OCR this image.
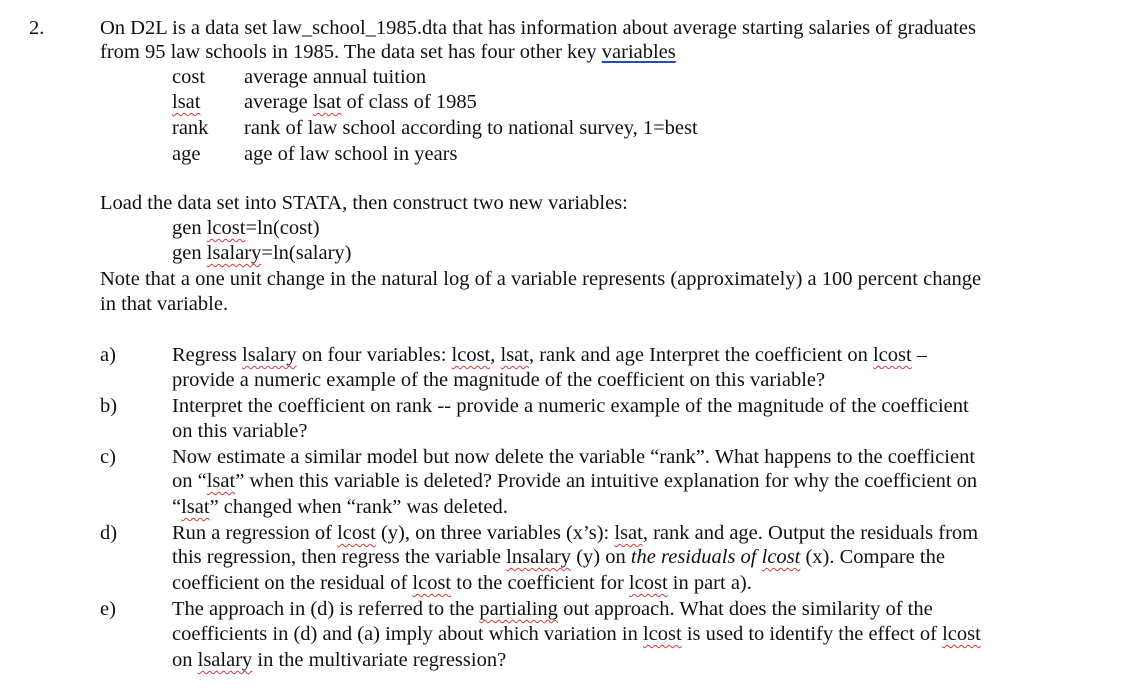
2.	On D2L is a data set law_school_1985.dta that has information about average starting salaries of graduates
from 95 law schools in 1985. The data set has four other key variables
cost average annual tuition
lsat average lsat of class of 1985
rank rank of law school according to national survey, 1=best
age age of law school in years
Load the data set into STATA, then construct two new variables:
gen lcost=ln(cost)
gen lsalary=ln(salary)
Note that a one unit change in the natural log of a variable represents (approximately) a 100 percent change
in that variable.
a)	Regress lsalary on four variables: lcost, lsat, rank and age Interpret the coefficient on lcost –
provide a numeric example of the magnitude of the coefficient on this variable?
b)	Interpret the coefficient on rank -- provide a numeric example of the magnitude of the coefficient
on this variable?
c)	Now estimate a similar model but now delete the variable “rank”. What happens to the coefficient
on “lsat” when this variable is deleted? Provide an intuitive explanation for why the coefficient on
“lsat” changed when “rank” was deleted.
d)	Run a regression of lcost (y), on three variables (x’s): lsat, rank and age. Output the residuals from
this regression, then regress the variable lnsalary (y) on the residuals of lcost (x). Compare the
coefficient on the residual of lcost to the coefficient for lcost in part a).
e)	The approach in (d) is referred to the partialing out approach. What does the similarity of the
coefficients in (d) and (a) imply about which variation in lcost is used to identify the effect of lcost
on lsalary in the multivariate regression?
